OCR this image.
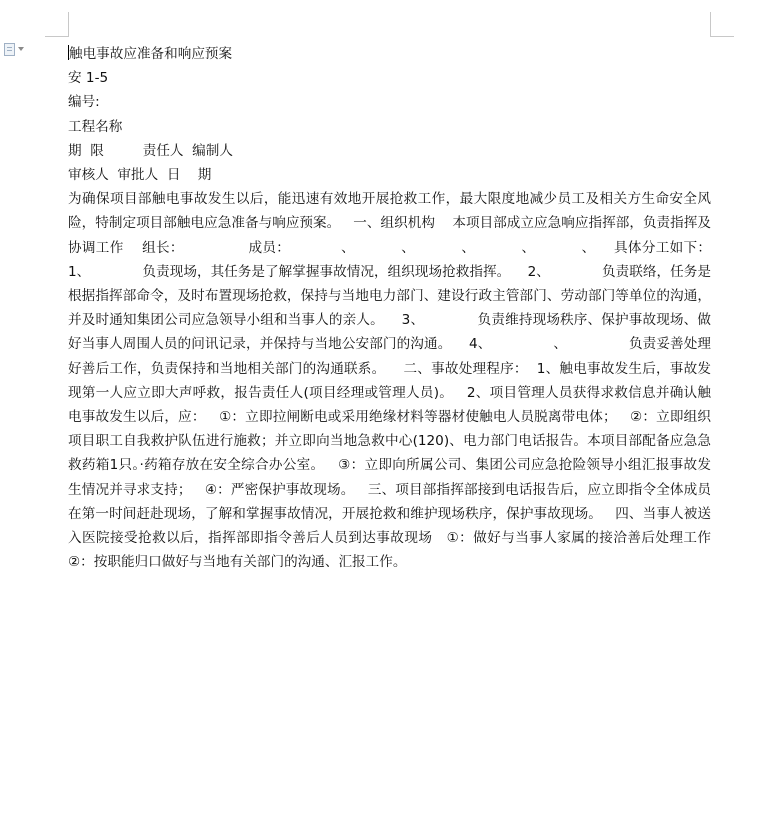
触电事故应准备和响应预案
安 1-5
编号:
工程名称
期  限         责任人  编制人
审核人  审批人  日    期
为确保项目部触电事故发生以后，能迅速有效地开展抢救工作，最大限度地减少员工及相关方生命安全风险，特制定项目部触电应急准备与响应预案。   一、组织机构    本项目部成立应急响应指挥部，负责指挥及协调工作    组长：              成员：           、          、          、          、          、    具体分工如下：    1、            负责现场，其任务是了解掌握事故情况，组织现场抢救指挥。    2、            负责联络，任务是根据指挥部命令，及时布置现场抢救，保持与当地电力部门、建设行政主管部门、劳动部门等单位的沟通，并及时通知集团公司应急领导小组和当事人的亲人。    3、            负责维持现场秩序、保护事故现场、做好当事人周围人员的问讯记录，并保持与当地公安部门的沟通。    4、              、              负责妥善处理好善后工作，负责保持和当地相关部门的沟通联系。    二、事故处理程序：  1、触电事故发生后，事故发现第一人应立即大声呼救，报告责任人(项目经理或管理人员)。   2、项目管理人员获得求救信息并确认触电事故发生以后，应：   ①：立即拉闸断电或采用绝缘材料等器材使触电人员脱离带电体；   ②：立即组织项目职工自我救护队伍进行施救；并立即向当地急救中心(120)、电力部门电话报告。本项目部配备应急急救药箱1只。·药箱存放在安全综合办公室。   ③：立即向所属公司、集团公司应急抢险领导小组汇报事故发生情况并寻求支持；   ④：严密保护事故现场。   三、项目部指挥部接到电话报告后，应立即指令全体成员在第一时间赶赴现场，了解和掌握事故情况，开展抢救和维护现场秩序，保护事故现场。   四、当事人被送入医院接受抢救以后，指挥部即指令善后人员到达事故现场   ①：做好与当事人家属的接洽善后处理工作②：按职能归口做好与当地有关部门的沟通、汇报工作。
